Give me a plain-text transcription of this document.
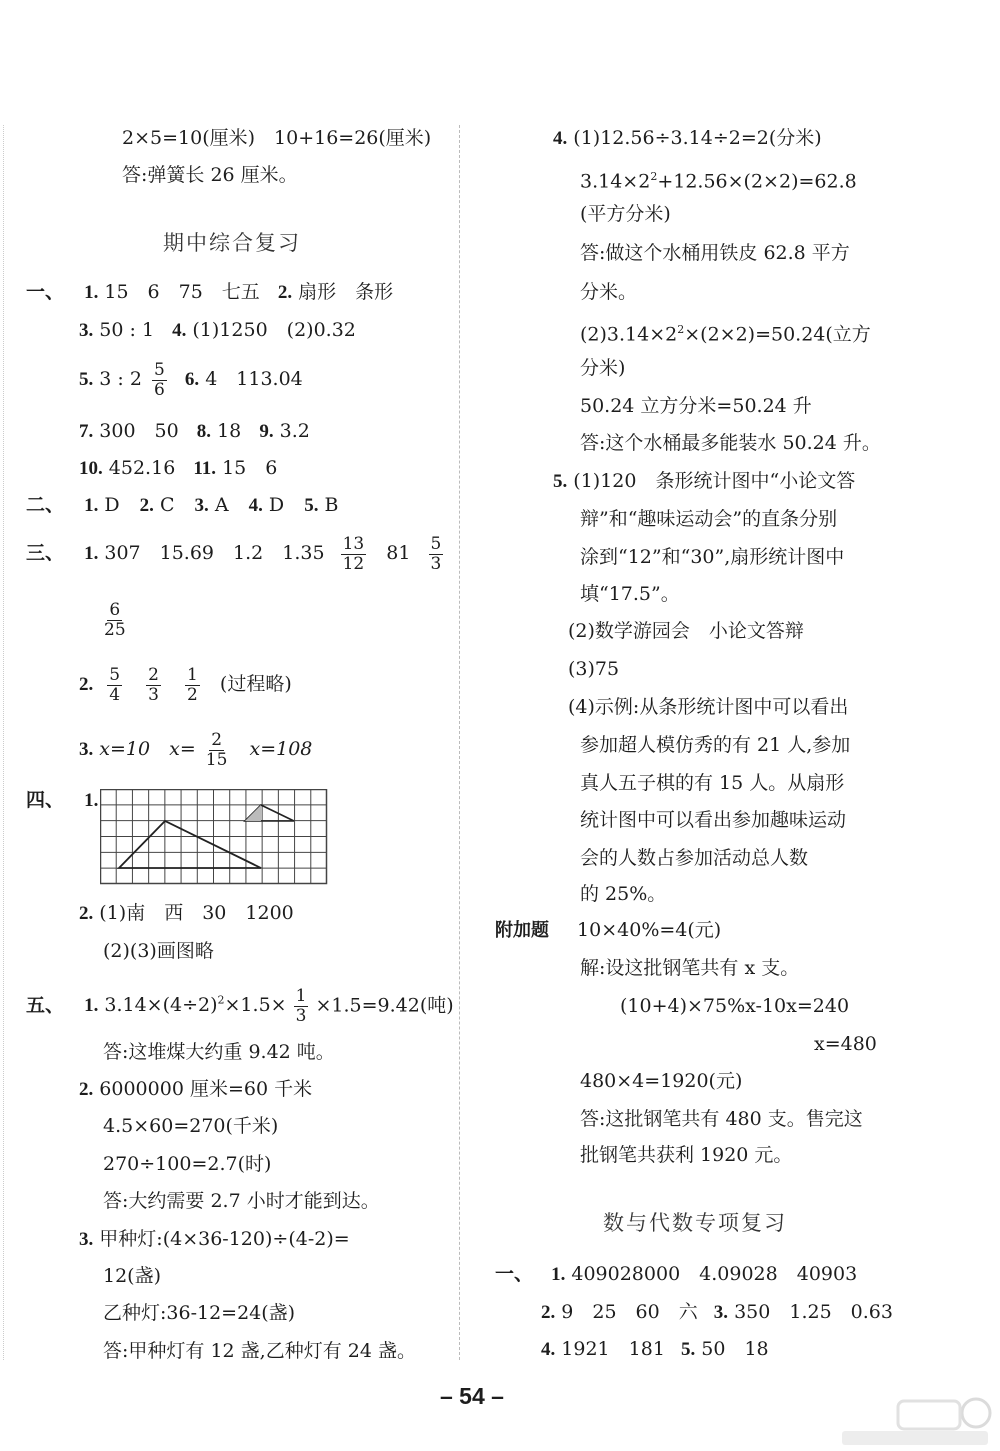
2×5=10(厘米)　10+16=26(厘米)
答:弹簧长 26 厘米。
期中综合复习
一、 1. 15　6　75　七五 2. 扇形　条形
3. 50 : 1 4. (1)1250　(2)0.32
5. 3 : $2 \frac{5}{6} 6$. 4　113.04
7. 300　50 8. 18 9. 3.2
10. 452.16 11. 15　6
二、 1. D 2. C 3. A 4. D 5. B
三、 1. 307　15.69　1.2　$1.35 \frac{13}{12} 81 \frac{5}{3}$
$\frac{6}{25}$
2. $\frac{5}{4}$
$\frac{2}{3}$
$\frac{1}{2}$ (过程略)
3. x=10　$x= \frac{2}{15} x=108$
四、 1.
2. (1)南　西　30　1200
(2)(3)画图略
五、 1. $3.14\times(4\div 2)^2\times 1.5\times \frac{1}{3} \times 1.5=9.42$(吨)
答:这堆煤大约重 9.42 吨。
2. 6000000 厘米=60 千米
4.5×60=270(千米)
270÷100=2.7(时)
答:大约需要 2.7 小时才能到达。
3. 甲种灯:(4×36-120)÷(4-2)=
12(盏)
乙种灯:36-12=24(盏)
答:甲种灯有 12 盏,乙种灯有 24 盏。
4. (1)12.56÷3.14÷2=2(分米)
$3.14\times 2^2+12.56\times(2\times 2)=62.8$
(平方分米)
答:做这个水桶用铁皮 62.8 平方
分米。
$(2)3.14\times 2^2\times(2\times 2)=50.24$(立方
分米)
50.24 立方分米=50.24 升
答:这个水桶最多能装水 50.24 升。
5. (1)120　条形统计图中“小论文答
辩”和“趣味运动会”的直条分别
涂到“12”和“30”,扇形统计图中
填“17.5”。
(2)数学游园会　小论文答辩
(3)75
(4)示例:从条形统计图中可以看出
参加超人模仿秀的有 21 人,参加
真人五子棋的有 15 人。从扇形
统计图中可以看出参加趣味运动
会的人数占参加活动总人数
的 25%。
附加题 10×40%=4(元)
解:设这批钢笔共有 x 支。
(10+4)×75%x-10x=240
x=480
480×4=1920(元)
答:这批钢笔共有 480 支。售完这
批钢笔共获利 1920 元。
数与代数专项复习
一、 1. 409028000　4.09028　40903
2. 9　25　60　六 3. 350　1.25　0.63
4. 1921　181 5. 50　18
– 54 –
